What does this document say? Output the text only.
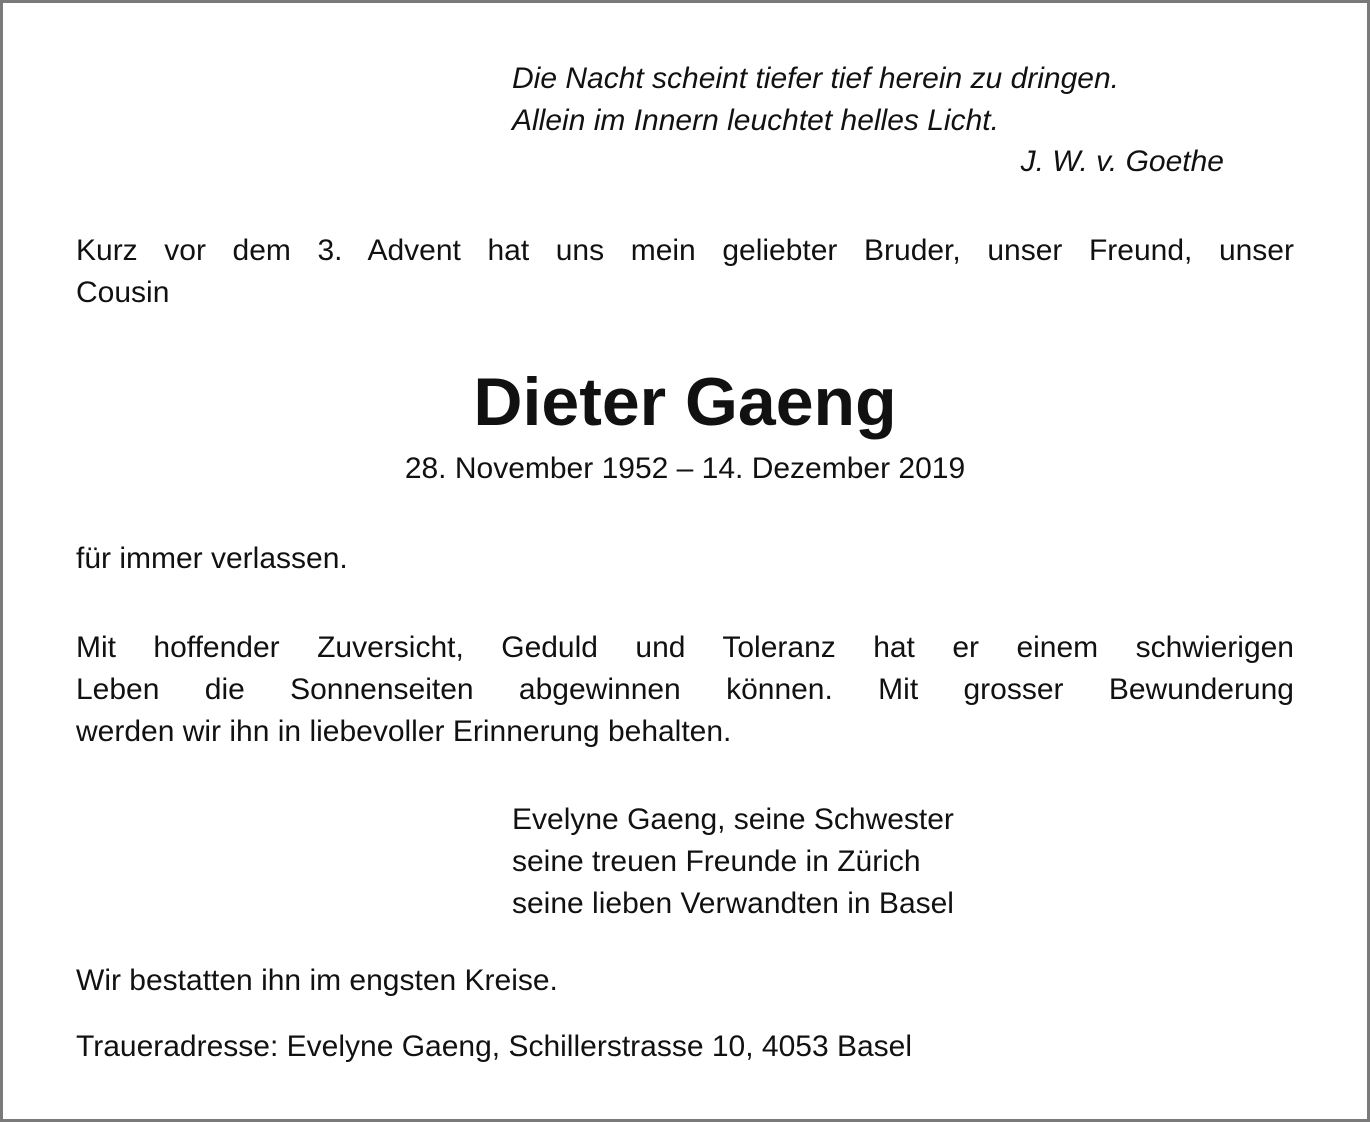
Die Nacht scheint tiefer tief herein zu dringen.
Allein im Innern leuchtet helles Licht.
J. W. v. Goethe
Kurz vor dem 3. Advent hat uns mein geliebter Bruder, unser Freund, unser
Cousin
Dieter Gaeng
28. November 1952 – 14. Dezember 2019
für immer verlassen.
Mit hoffender Zuversicht, Geduld und Toleranz hat er einem schwierigen
Leben die Sonnenseiten abgewinnen können. Mit grosser Bewunderung
werden wir ihn in liebevoller Erinnerung behalten.
Evelyne Gaeng, seine Schwester
seine treuen Freunde in Zürich
seine lieben Verwandten in Basel
Wir bestatten ihn im engsten Kreise.
Traueradresse: Evelyne Gaeng, Schillerstrasse 10, 4053 Basel
